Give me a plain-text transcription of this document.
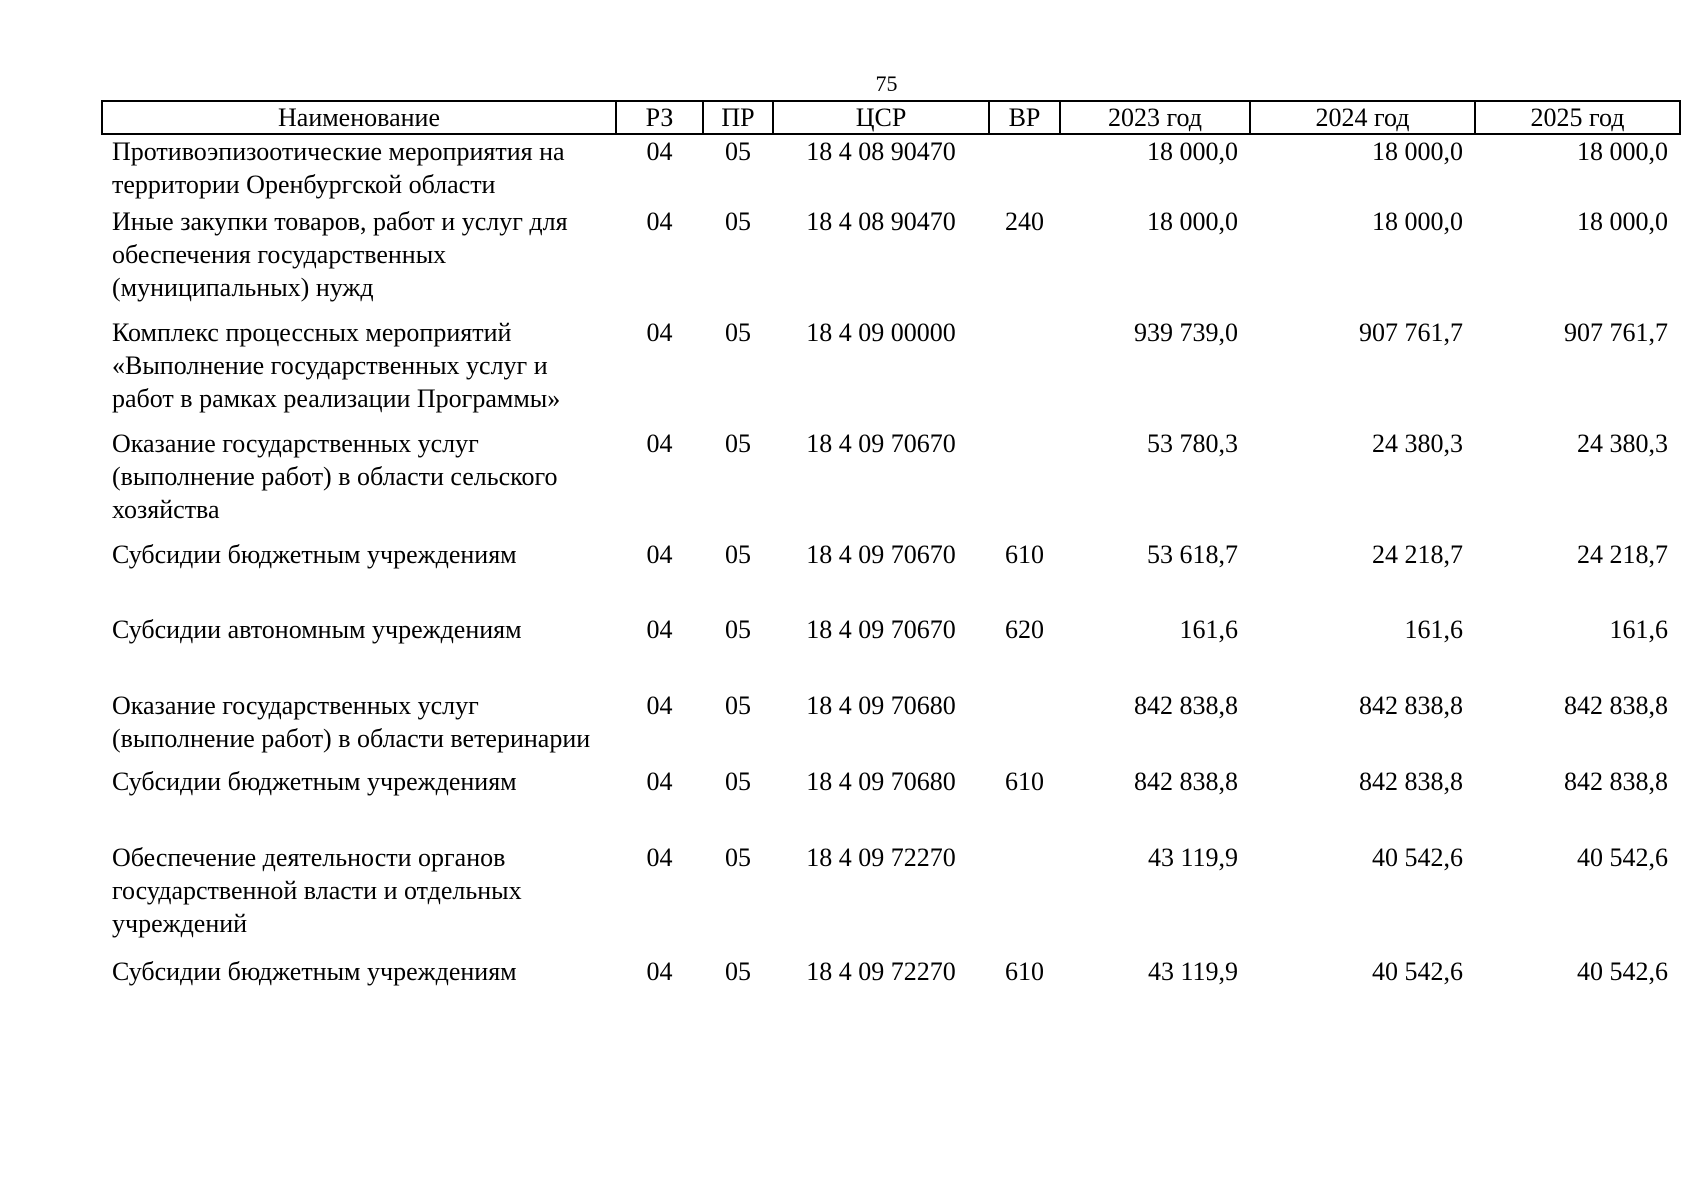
75
Наименование	РЗ	ПР	ЦСР	ВР	2023 год	2024 год	2025 год
Противоэпизоотические мероприятия на территории Оренбургской области	04	05	18 4 08 90470		18 000,0	18 000,0	18 000,0
Иные закупки товаров, работ и услуг для обеспечения государственных (муниципальных) нужд	04	05	18 4 08 90470	240	18 000,0	18 000,0	18 000,0
Комплекс процессных мероприятий «Выполнение государственных услуг и работ в рамках реализации Программы»	04	05	18 4 09 00000		939 739,0	907 761,7	907 761,7
Оказание государственных услуг (выполнение работ) в области сельского хозяйства	04	05	18 4 09 70670		53 780,3	24 380,3	24 380,3
Субсидии бюджетным учреждениям	04	05	18 4 09 70670	610	53 618,7	24 218,7	24 218,7
Субсидии автономным учреждениям	04	05	18 4 09 70670	620	161,6	161,6	161,6
Оказание государственных услуг (выполнение работ) в области ветеринарии	04	05	18 4 09 70680		842 838,8	842 838,8	842 838,8
Субсидии бюджетным учреждениям	04	05	18 4 09 70680	610	842 838,8	842 838,8	842 838,8
Обеспечение деятельности органов государственной власти и отдельных учреждений	04	05	18 4 09 72270		43 119,9	40 542,6	40 542,6
Субсидии бюджетным учреждениям	04	05	18 4 09 72270	610	43 119,9	40 542,6	40 542,6
